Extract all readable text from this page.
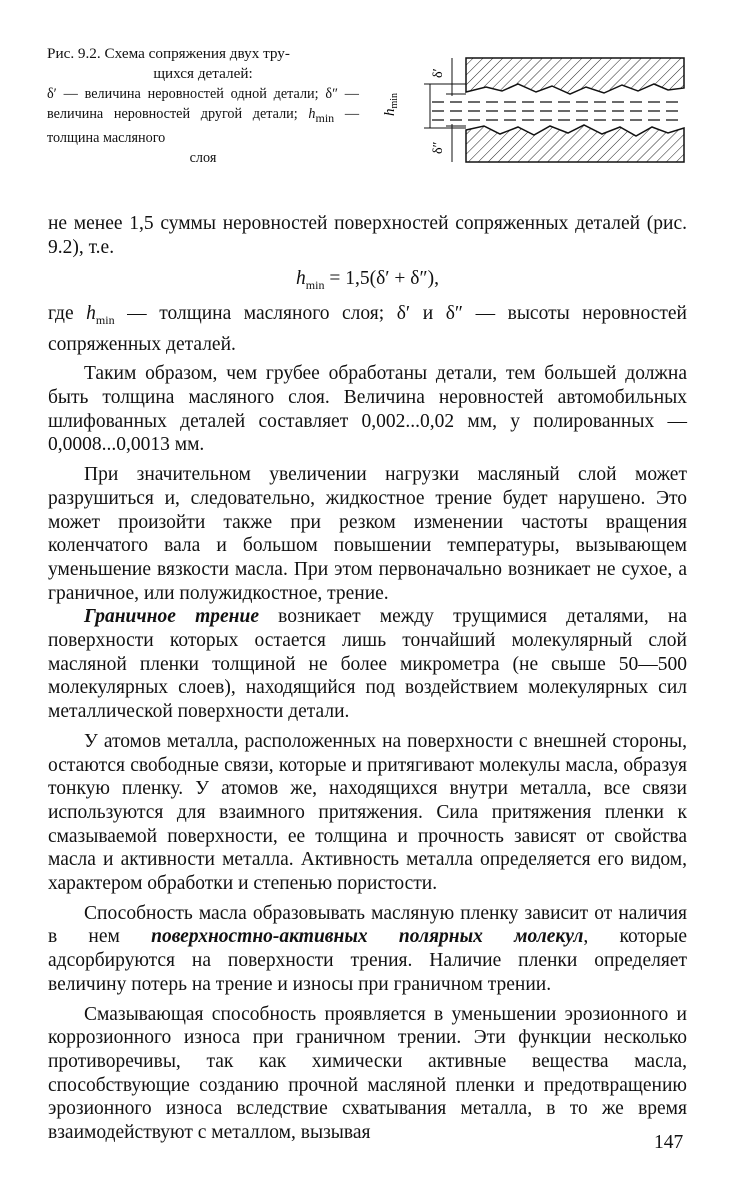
Рис. 9.2. Схема сопряжения двух тру-
щихся деталей:
δ′ — величина неровностей одной детали; δ″ — величина неровностей другой детали; $h_{min}$ — толщина масляного
слоя
δ′
δ″
$h_{min}$

не менее 1,5 суммы неровностей поверхностей сопряженных деталей (рис. 9.2), т.е.

$h_{min} = 1,5(\delta' + \delta'')$,

где $h_{min}$ — толщина масляного слоя; δ′ и δ″ — высоты неровностей сопряженных деталей.

Таким образом, чем грубее обработаны детали, тем большей должна быть толщина масляного слоя. Величина неровностей автомобильных шлифованных деталей составляет 0,002...0,02 мм, у полированных — 0,0008...0,0013 мм.

При значительном увеличении нагрузки масляный слой может разрушиться и, следовательно, жидкостное трение будет нарушено. Это может произойти также при резком изменении частоты вращения коленчатого вала и большом повышении температуры, вызывающем уменьшение вязкости масла. При этом первоначально возникает не сухое, а граничное, или полужидкостное, трение.

Граничное трение возникает между трущимися деталями, на поверхности которых остается лишь тончайший молекулярный слой масляной пленки толщиной не более микрометра (не свыше 50—500 молекулярных слоев), находящийся под воздействием молекулярных сил металлической поверхности детали.

У атомов металла, расположенных на поверхности с внешней стороны, остаются свободные связи, которые и притягивают молекулы масла, образуя тонкую пленку. У атомов же, находящихся внутри металла, все связи используются для взаимного притяжения. Сила притяжения пленки к смазываемой поверхности, ее толщина и прочность зависят от свойства масла и активности металла. Активность металла определяется его видом, характером обработки и степенью пористости.

Способность масла образовывать масляную пленку зависит от наличия в нем поверхностно-активных полярных молекул, которые адсорбируются на поверхности трения. Наличие пленки определяет величину потерь на трение и износы при граничном трении.

Смазывающая способность проявляется в уменьшении эрозионного и коррозионного износа при граничном трении. Эти функции несколько противоречивы, так как химически активные вещества масла, способствующие созданию прочной масляной пленки и предотвращению эрозионного износа вследствие схватывания металла, в то же время взаимодействуют с металлом, вызывая	147
